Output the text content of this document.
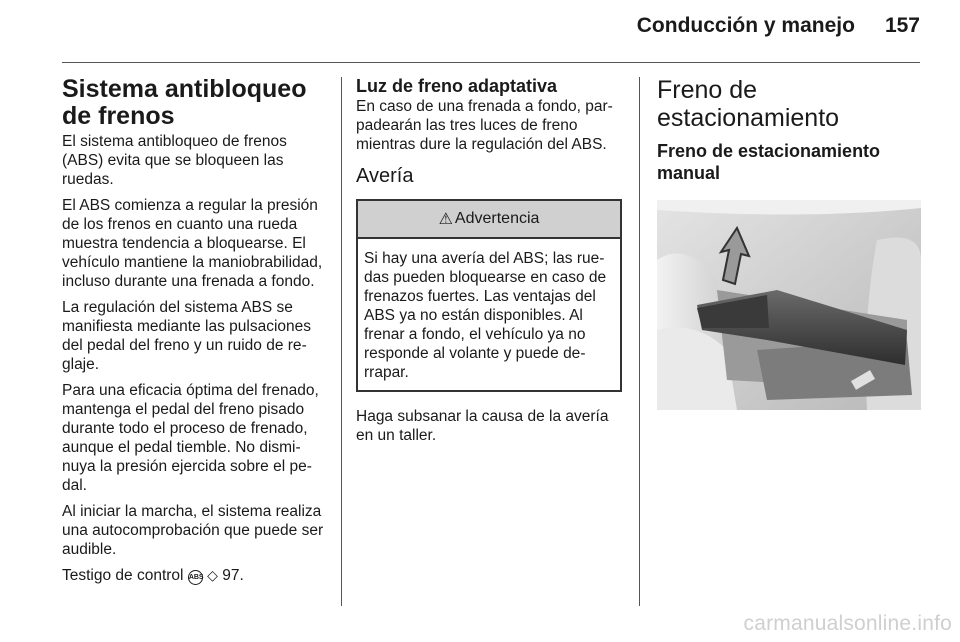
Conducción y manejo 157
Sistema antibloqueo de frenos

El sistema antibloqueo de frenos (ABS) evita que se bloqueen las ruedas.

El ABS comienza a regular la presión de los frenos en cuanto una rueda muestra tendencia a bloquearse. El vehículo mantiene la maniobrabilidad, incluso durante una frenada a fondo.

La regulación del sistema ABS se manifiesta mediante las pulsaciones del pedal del freno y un ruido de reglaje.

Para una eficacia óptima del frenado, mantenga el pedal del freno pisado durante todo el proceso de frenado, aunque el pedal tiemble. No disminuya la presión ejercida sobre el pedal.

Al iniciar la marcha, el sistema realiza una autocomprobación que puede ser audible.

Testigo de control ABS ◇ 97.

Luz de freno adaptativa

En caso de una frenada a fondo, parpadearán las tres luces de freno mientras dure la regulación del ABS.

Avería
⚠ Advertencia

Si hay una avería del ABS; las ruedas pueden bloquearse en caso de frenazos fuertes. Las ventajas del ABS ya no están disponibles. Al frenar a fondo, el vehículo ya no responde al volante y puede derrapar.

Haga subsanar la causa de la avería en un taller.

Freno de estacionamiento
Freno de estacionamiento manual
carmanualsonline.info
